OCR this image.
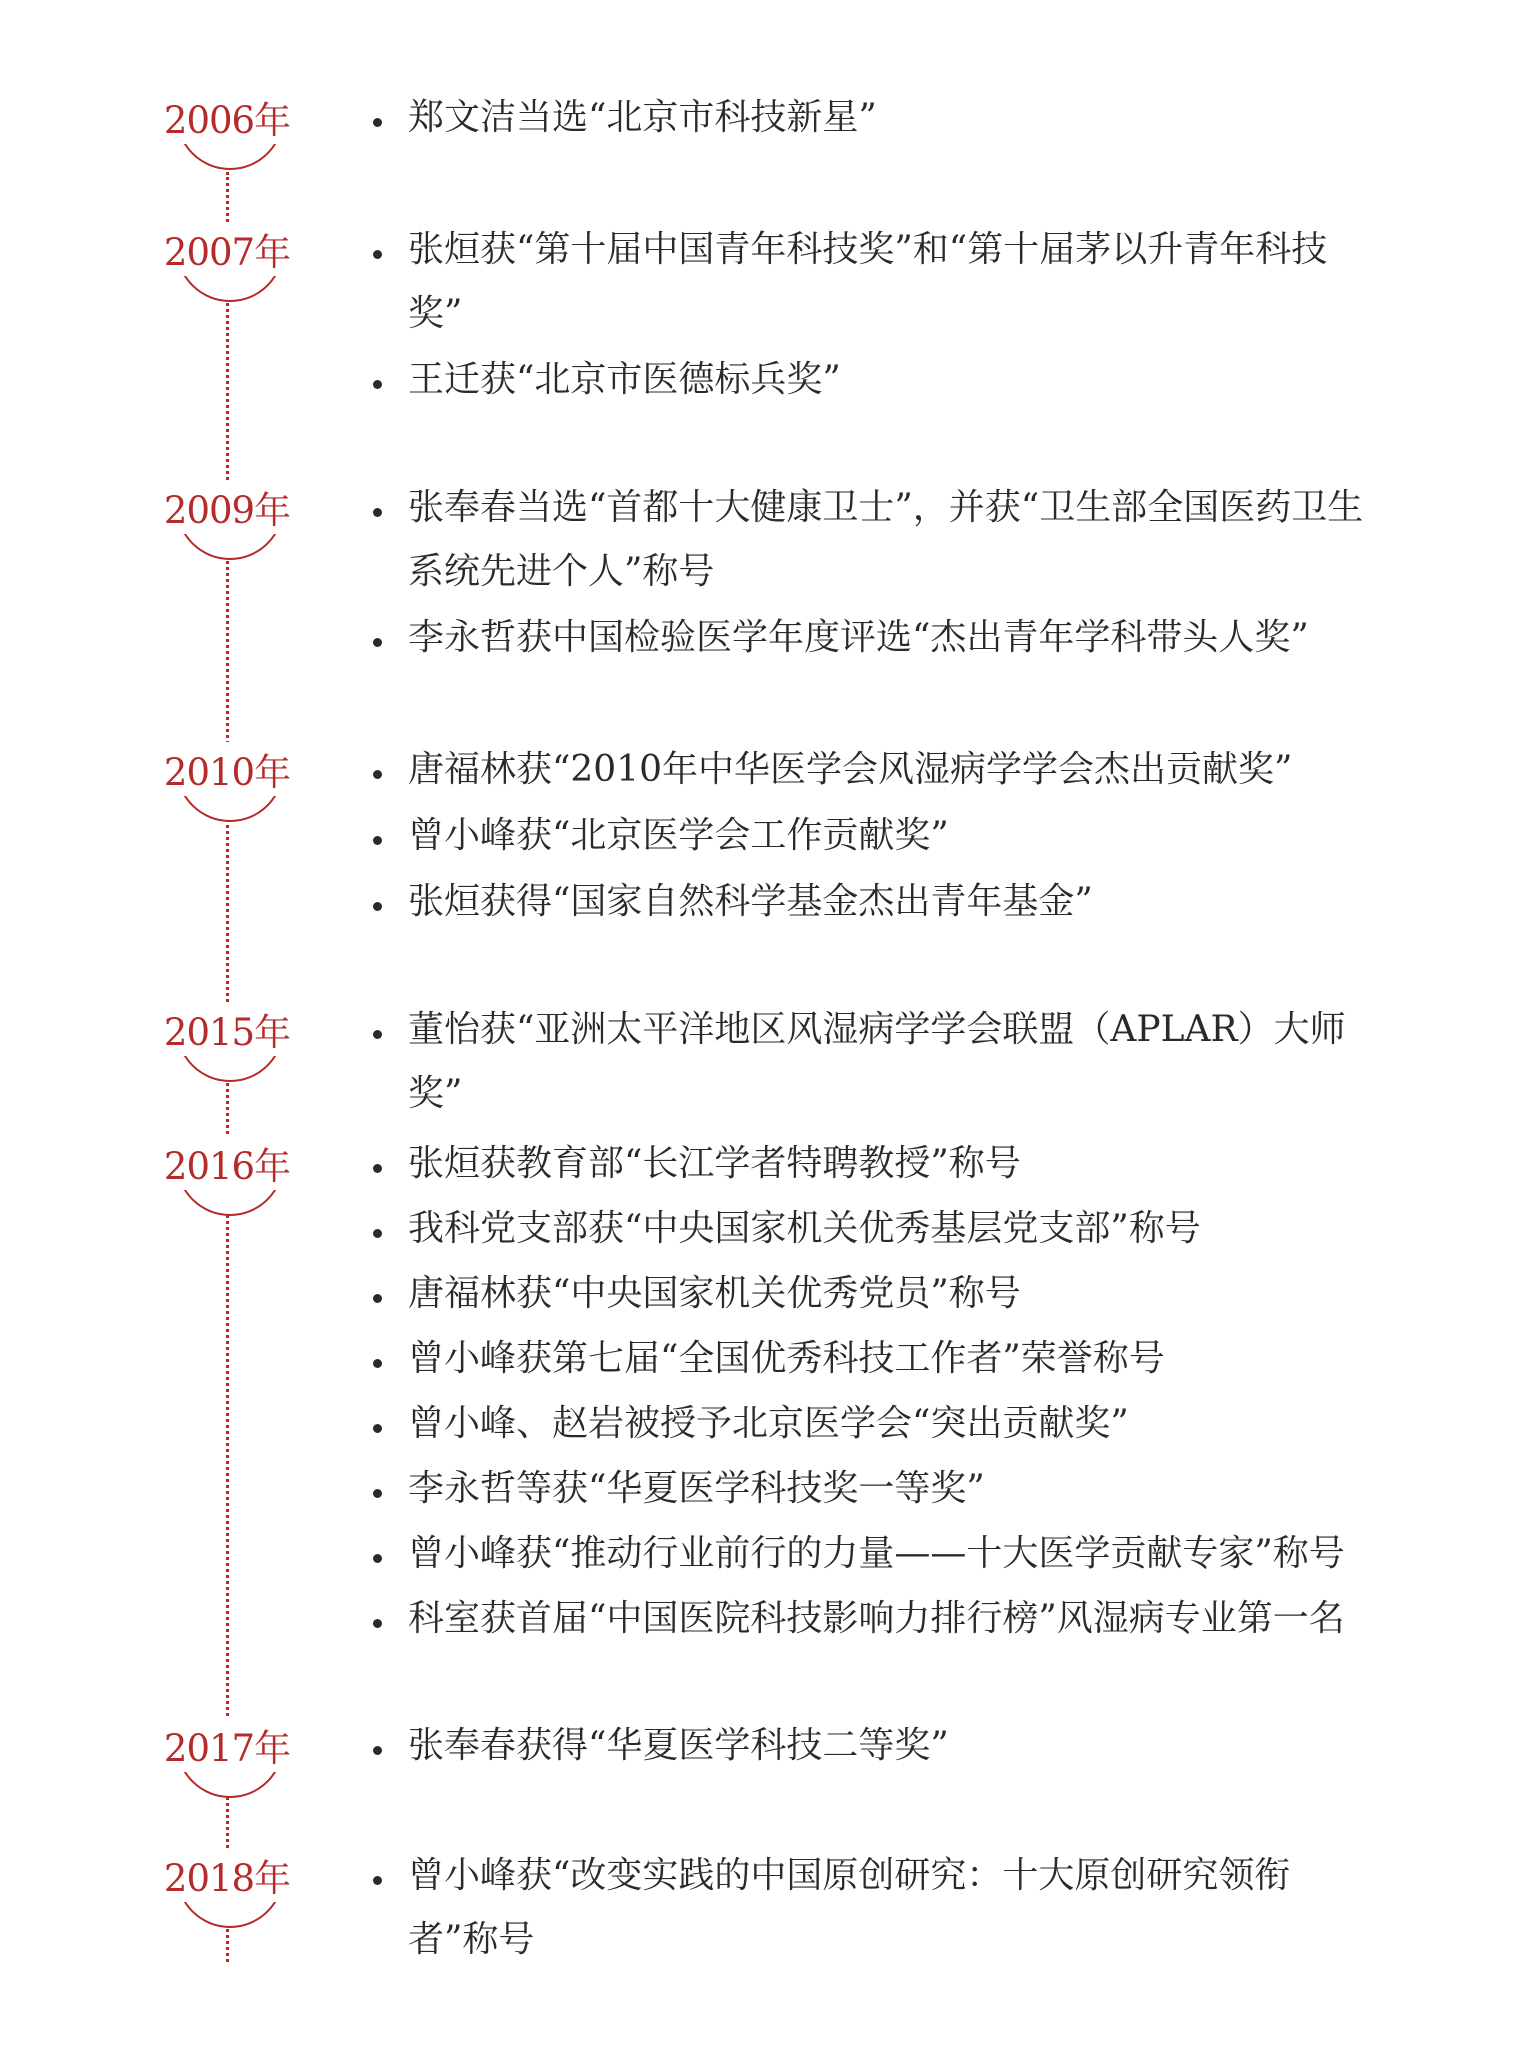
2006年	郑文洁当选“北京市科技新星”
2007年	张烜获“第十届中国青年科技奖”和“第十届茅以升青年科技奖”
王迁获“北京市医德标兵奖”
2009年	张奉春当选“首都十大健康卫士”，并获“卫生部全国医药卫生系统先进个人”称号
李永哲获中国检验医学年度评选“杰出青年学科带头人奖”
2010年	唐福林获“2010年中华医学会风湿病学学会杰出贡献奖”
曾小峰获“北京医学会工作贡献奖”
张烜获得“国家自然科学基金杰出青年基金”
2015年	董怡获“亚洲太平洋地区风湿病学学会联盟（APLAR）大师奖”
2016年	张烜获教育部“长江学者特聘教授”称号
我科党支部获“中央国家机关优秀基层党支部”称号
唐福林获“中央国家机关优秀党员”称号
曾小峰获第七届“全国优秀科技工作者”荣誉称号
曾小峰、赵岩被授予北京医学会“突出贡献奖”
李永哲等获“华夏医学科技奖一等奖”
曾小峰获“推动行业前行的力量——十大医学贡献专家”称号
科室获首届“中国医院科技影响力排行榜”风湿病专业第一名
2017年	张奉春获得“华夏医学科技二等奖”
2018年	曾小峰获“改变实践的中国原创研究：十大原创研究领衔者”称号
